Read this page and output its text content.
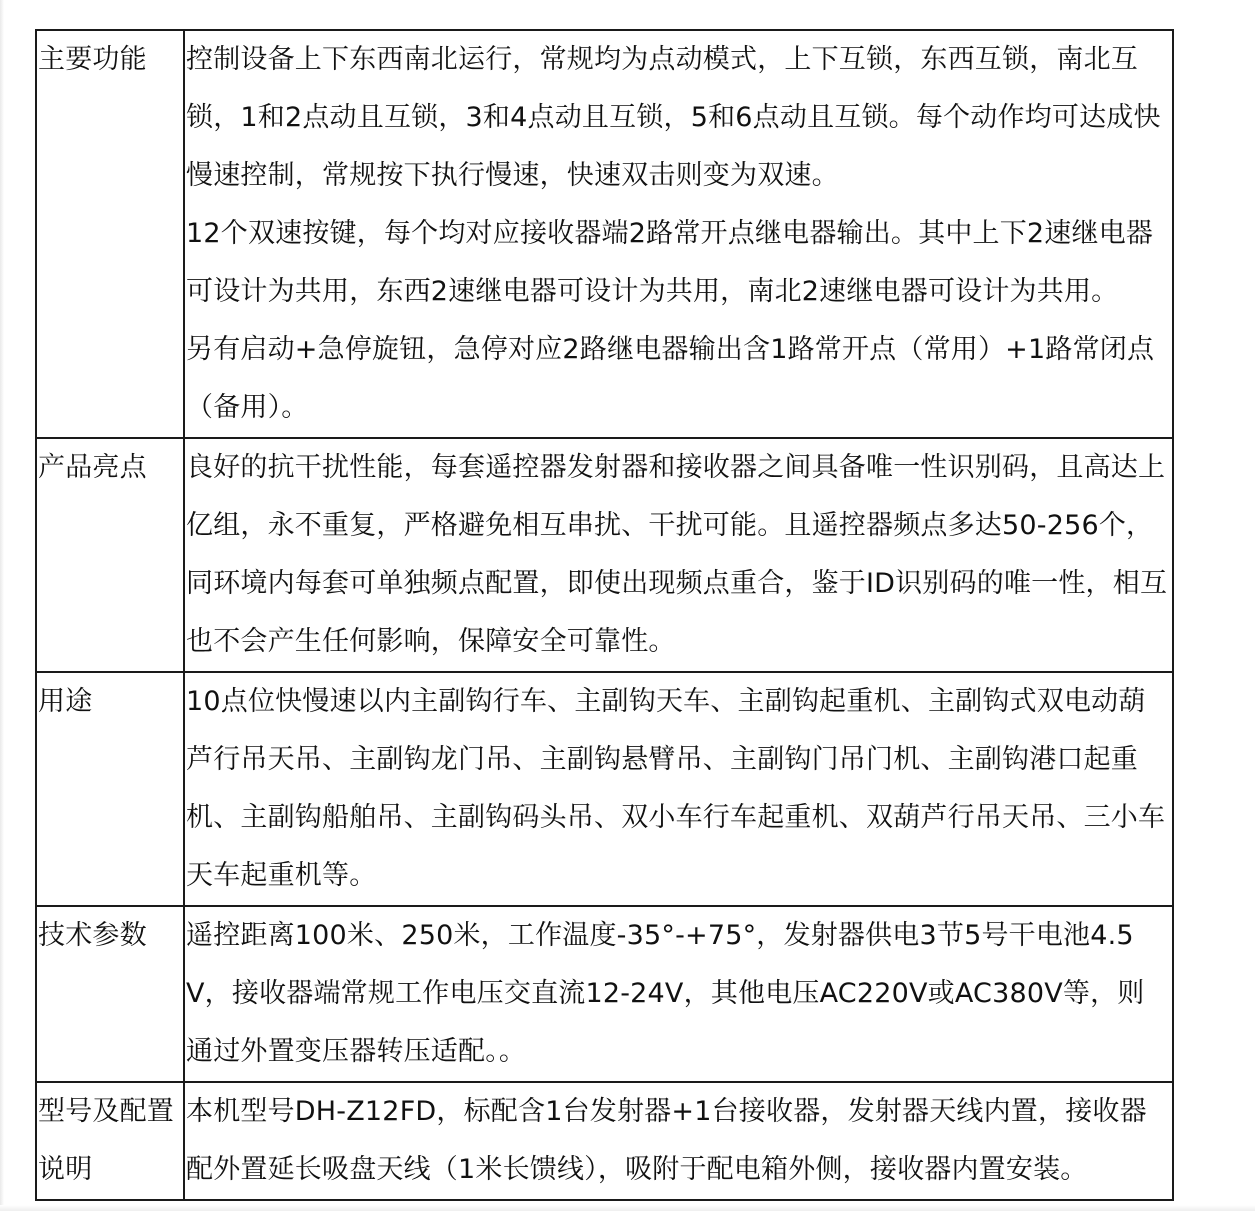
主要功能	控制设备上下东西南北运行，常规均为点动模式，上下互锁，东西互锁，南北互锁，1和2点动且互锁，3和4点动且互锁，5和6点动且互锁。每个动作均可达成快慢速控制，常规按下执行慢速，快速双击则变为双速。

12个双速按键，每个均对应接收器端2路常开点继电器输出。其中上下2速继电器可设计为共用，东西2速继电器可设计为共用，南北2速继电器可设计为共用。

另有启动+急停旋钮，急停对应2路继电器输出含1路常开点（常用）+1路常闭点（备用）。

产品亮点	良好的抗干扰性能，每套遥控器发射器和接收器之间具备唯一性识别码，且高达上亿组，永不重复，严格避免相互串扰、干扰可能。且遥控器频点多达50-256个，同环境内每套可单独频点配置，即使出现频点重合，鉴于ID识别码的唯一性，相互也不会产生任何影响，保障安全可靠性。

用途	10点位快慢速以内主副钩行车、主副钩天车、主副钩起重机、主副钩式双电动葫芦行吊天吊、主副钩龙门吊、主副钩悬臂吊、主副钩门吊门机、主副钩港口起重机、主副钩船舶吊、主副钩码头吊、双小车行车起重机、双葫芦行吊天吊、三小车天车起重机等。

技术参数	遥控距离100米、250米，工作温度-35°-+75°，发射器供电3节5号干电池4.5V，接收器端常规工作电压交直流12-24V，其他电压AC220V或AC380V等，则通过外置变压器转压适配。。

型号及配置说明	本机型号DH-Z12FD，标配含1台发射器+1台接收器，发射器天线内置，接收器配外置延长吸盘天线（1米长馈线），吸附于配电箱外侧，接收器内置安装。
